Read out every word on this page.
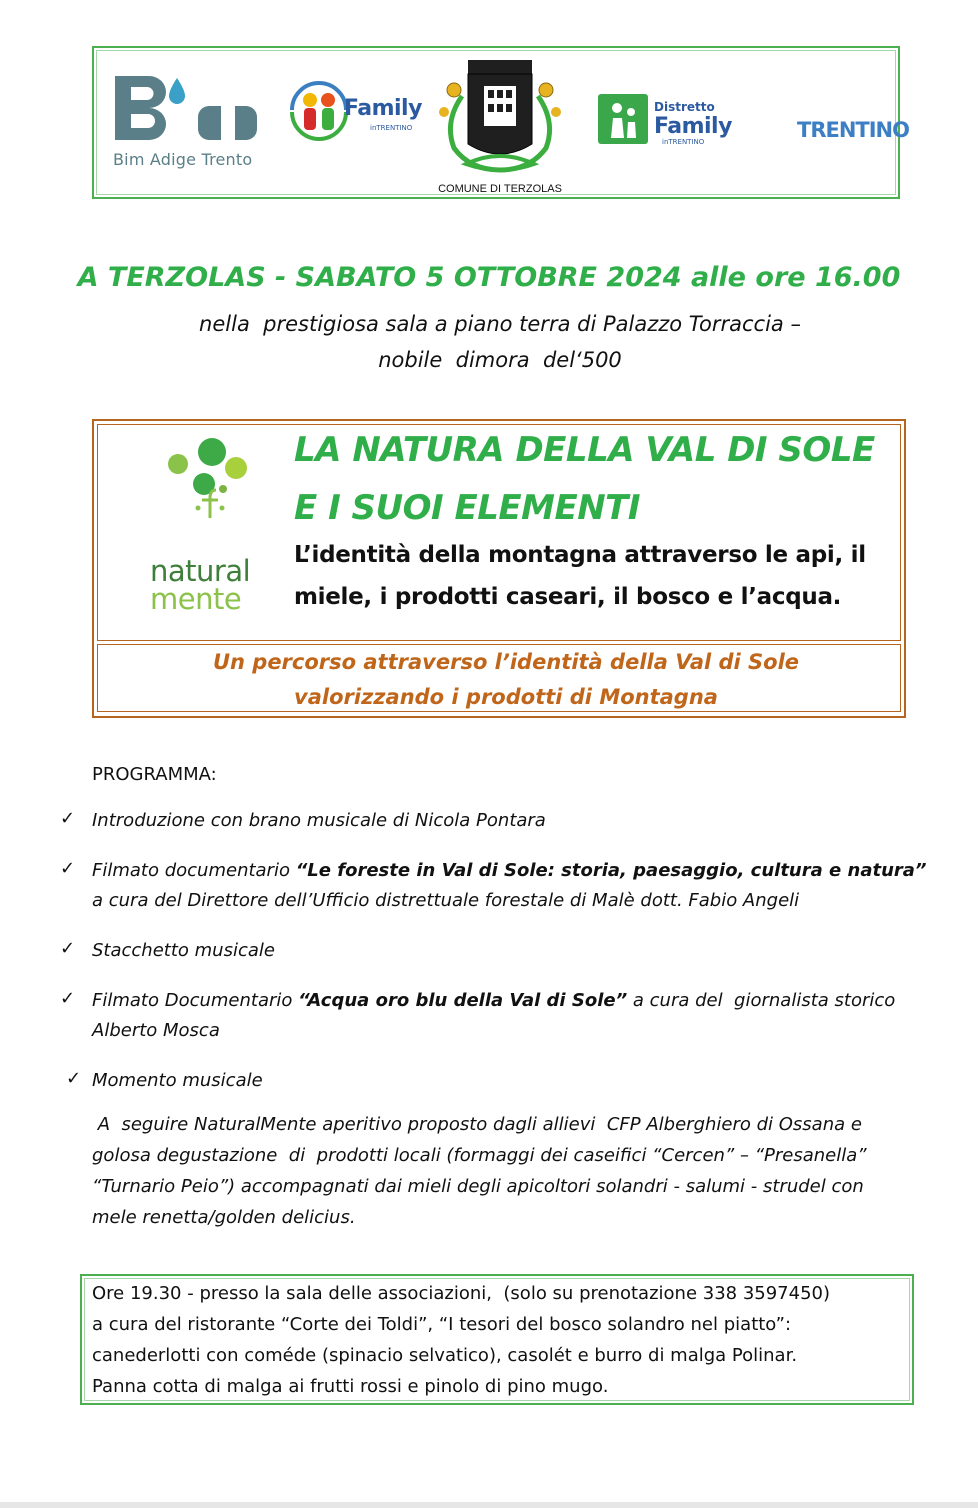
Bim Adige Trento
Family
inTRENTINO
COMUNE DI TERZOLAS
Distretto
Family
inTRENTINO	TRENTINO
A TERZOLAS - SABATO 5 OTTOBRE 2024 alle ore 16.00
nella  prestigiosa sala a piano terra di Palazzo Torraccia –
nobile  dimora  del‘500
natural
mente
LA NATURA DELLA VAL DI SOLE
E I SUOI ELEMENTI
L’identità della montagna attraverso le api, il
miele, i prodotti caseari, il bosco e l’acqua.
Un percorso attraverso l’identità della Val di Sole
valorizzando i prodotti di Montagna
PROGRAMMA:
✓ Introduzione con brano musicale di Nicola Pontara
✓ Filmato documentario “Le foreste in Val di Sole: storia, paesaggio, cultura e natura”
a cura del Direttore dell’Ufficio distrettuale forestale di Malè dott. Fabio Angeli
✓ Stacchetto musicale
✓ Filmato Documentario “Acqua oro blu della Val di Sole” a cura del  giornalista storico
Alberto Mosca
✓ Momento musicale
A  seguire NaturalMente aperitivo proposto dagli allievi  CFP Alberghiero di Ossana e
golosa degustazione  di  prodotti locali (formaggi dei caseifici “Cercen” – “Presanella”
“Turnario Peio”) accompagnati dai mieli degli apicoltori solandri - salumi - strudel con
mele renetta/golden delicius.
Ore 19.30 - presso la sala delle associazioni,  (solo su prenotazione 338 3597450)
a cura del ristorante “Corte dei Toldi”, “I tesori del bosco solandro nel piatto”:
canederlotti con coméde (spinacio selvatico), casolét e burro di malga Polinar.
Panna cotta di malga ai frutti rossi e pinolo di pino mugo.
